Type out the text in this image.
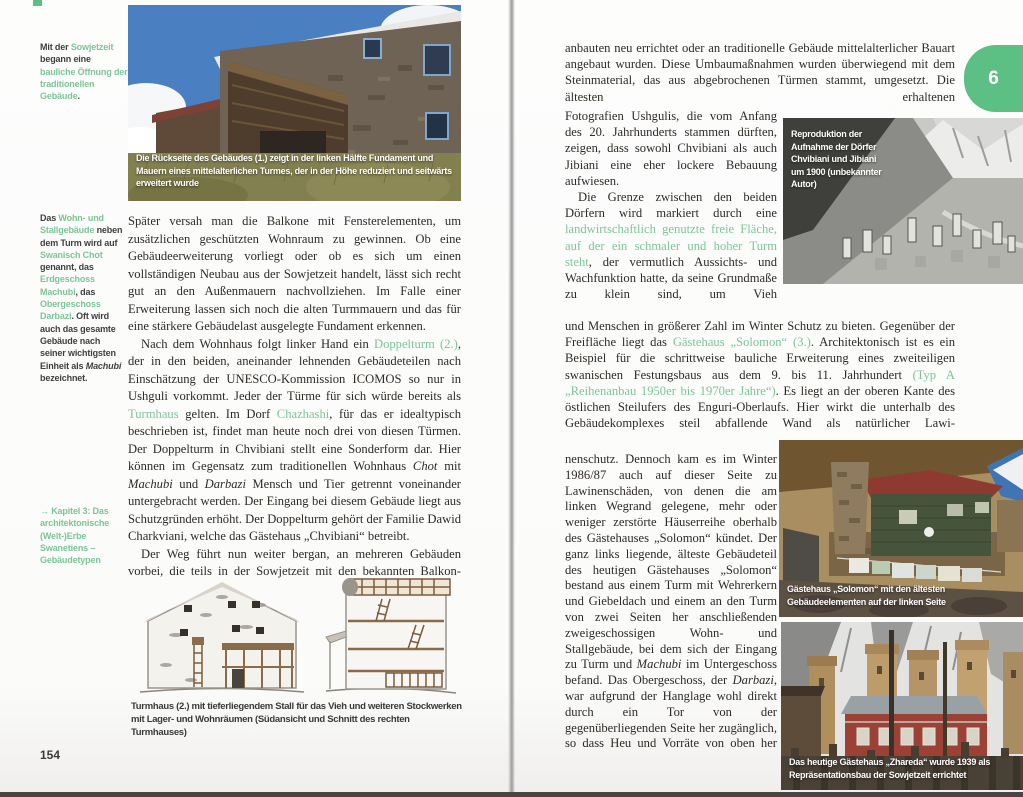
Mit der Sowjetzeit begann eine bauliche Öffnung der traditionellen Gebäude.

Das Wohn- und Stallgebäude neben dem Turm wird auf Swanisch Chot genannt, das Erdgeschoss Machubi, das Obergeschoss Darbazi. Oft wird auch das gesamte Gebäude nach seiner wichtigsten Einheit als Machubi bezeichnet.

→ Kapitel 3: Das architektonische (Welt-)Erbe Swanetiens – Gebäudetypen

Die Rückseite des Gebäudes (1.) zeigt in der linken Hälfte Fundament und Mauern eines mittelalterlichen Turmes, der in der Höhe reduziert und seitwärts erweitert wurde

Später versah man die Balkone mit Fensterelementen, um zusätzlichen geschützten Wohnraum zu gewinnen. Ob eine Gebäudeerweiterung vorliegt oder ob es sich um einen vollständigen Neubau aus der Sowjetzeit handelt, lässt sich recht gut an den Außenmauern nachvollziehen. Im Falle einer Erweiterung lassen sich noch die alten Turmmauern und das für eine stärkere Gebäudelast ausgelegte Fundament erkennen.

Nach dem Wohnhaus folgt linker Hand ein Doppelturm (2.), der in den beiden, aneinander lehnenden Gebäudeteilen nach Einschätzung der UNESCO-Kommission ICOMOS so nur in Ushguli vorkommt. Jeder der Türme für sich würde bereits als Turmhaus gelten. Im Dorf Chazhashi, für das er idealtypisch beschrieben ist, findet man heute noch drei von diesen Türmen. Der Doppelturm in Chvibiani stellt eine Sonderform dar. Hier können im Gegensatz zum traditionellen Wohnhaus Chot mit Machubi und Darbazi Mensch und Tier getrennt voneinander untergebracht werden. Der Eingang bei diesem Gebäude liegt aus Schutzgründen erhöht. Der Doppelturm gehört der Familie Dawid Charkviani, welche das Gästehaus „Chvibiani“ betreibt.

Der Weg führt nun weiter bergan, an mehreren Gebäuden vorbei, die teils in der Sowjetzeit mit den bekannten Balkon-

Turmhaus (2.) mit tieferliegendem Stall für das Vieh und weiteren Stockwerken mit Lager- und Wohnräumen (Südansicht und Schnitt des rechten Turmhauses)
154

anbauten neu errichtet oder an traditionelle Gebäude mittelalterlicher Bauart angebaut wurden. Diese Umbaumaßnahmen wurden überwiegend mit dem Steinmaterial, das aus abgebrochenen Türmen stammt, umgesetzt. Die ältesten erhaltenen

Fotografien Ushgulis, die vom Anfang des 20. Jahrhunderts stammen dürften, zeigen, dass sowohl Chvibiani als auch Jibiani eine eher lockere Bebauung aufwiesen.

Die Grenze zwischen den beiden Dörfern wird markiert durch eine landwirtschaftlich genutzte freie Fläche, auf der ein schmaler und hoher Turm steht, der vermutlich Aussichts- und Wachfunktion hatte, da seine Grundmaße zu klein sind, um Vieh

und Menschen in größerer Zahl im Winter Schutz zu bieten. Gegenüber der Freifläche liegt das Gästehaus „Solomon“ (3.). Architektonisch ist es ein Beispiel für die schrittweise bauliche Erweiterung eines zweiteiligen swanischen Festungsbaus aus dem 9. bis 11. Jahrhundert (Typ A „Reihenanbau 1950er bis 1970er Jahre“). Es liegt an der oberen Kante des östlichen Steilufers des Enguri-Oberlaufs. Hier wirkt die unterhalb des Gebäudekomplexes steil abfallende Wand als natürlicher Lawi-

nenschutz. Dennoch kam es im Winter 1986/87 auch auf dieser Seite zu Lawinenschäden, von denen die am linken Wegrand gelegene, mehr oder weniger zerstörte Häuserreihe oberhalb des Gästehauses „Solomon“ kündet. Der ganz links liegende, älteste Gebäudeteil des heutigen Gästehauses „Solomon“ bestand aus einem Turm mit Wehrerkern und Giebeldach und einem an den Turm von zwei Seiten her anschließenden zweigeschossigen Wohn- und Stallgebäude, bei dem sich der Eingang zu Turm und Machubi im Untergeschoss befand. Das Obergeschoss, der Darbazi, war aufgrund der Hanglage wohl direkt durch ein Tor von der gegenüberliegenden Seite her zugänglich, so dass Heu und Vorräte von oben her

Reproduktion der Aufnahme der Dörfer Chvibiani und Jibiani um 1900 (unbekannter Autor)
Gästehaus „Solomon“ mit den ältesten Gebäudeelementen auf der linken Seite
Das heutige Gästehaus „Zhareda“ wurde 1939 als Repräsentationsbau der Sowjetzeit errichtet
6
